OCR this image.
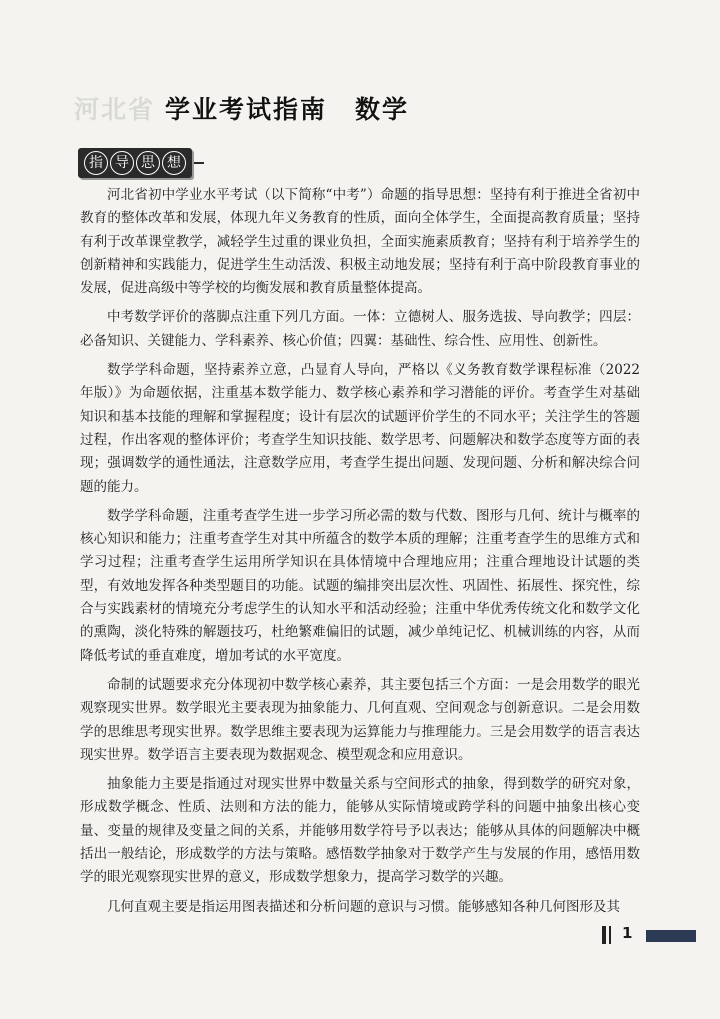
河北省 学业考试指南 数学
指 导 思 想

河北省初中学业水平考试（以下简称“中考”）命题的指导思想：坚持有利于推进全省初中教育的整体改革和发展，体现九年义务教育的性质，面向全体学生，全面提高教育质量；坚持有利于改革课堂教学，减轻学生过重的课业负担，全面实施素质教育；坚持有利于培养学生的创新精神和实践能力，促进学生生动活泼、积极主动地发展；坚持有利于高中阶段教育事业的发展，促进高级中等学校的均衡发展和教育质量整体提高。

中考数学评价的落脚点注重下列几方面。一体：立德树人、服务选拔、导向教学；四层：必备知识、关键能力、学科素养、核心价值；四翼：基础性、综合性、应用性、创新性。

数学学科命题，坚持素养立意，凸显育人导向，严格以《义务教育数学课程标准（2022 年版）》为命题依据，注重基本数学能力、数学核心素养和学习潜能的评价。考查学生对基础知识和基本技能的理解和掌握程度；设计有层次的试题评价学生的不同水平；关注学生的答题过程，作出客观的整体评价；考查学生知识技能、数学思考、问题解决和数学态度等方面的表现；强调数学的通性通法，注意数学应用，考查学生提出问题、发现问题、分析和解决综合问题的能力。

数学学科命题，注重考查学生进一步学习所必需的数与代数、图形与几何、统计与概率的核心知识和能力；注重考查学生对其中所蕴含的数学本质的理解；注重考查学生的思维方式和学习过程；注重考查学生运用所学知识在具体情境中合理地应用；注重合理地设计试题的类型，有效地发挥各种类型题目的功能。试题的编排突出层次性、巩固性、拓展性、探究性，综合与实践素材的情境充分考虑学生的认知水平和活动经验；注重中华优秀传统文化和数学文化的熏陶，淡化特殊的解题技巧，杜绝繁难偏旧的试题，减少单纯记忆、机械训练的内容，从而降低考试的垂直难度，增加考试的水平宽度。

命制的试题要求充分体现初中数学核心素养，其主要包括三个方面：一是会用数学的眼光观察现实世界。数学眼光主要表现为抽象能力、几何直观、空间观念与创新意识。二是会用数学的思维思考现实世界。数学思维主要表现为运算能力与推理能力。三是会用数学的语言表达现实世界。数学语言主要表现为数据观念、模型观念和应用意识。

抽象能力主要是指通过对现实世界中数量关系与空间形式的抽象，得到数学的研究对象，形成数学概念、性质、法则和方法的能力，能够从实际情境或跨学科的问题中抽象出核心变量、变量的规律及变量之间的关系，并能够用数学符号予以表达；能够从具体的问题解决中概括出一般结论，形成数学的方法与策略。感悟数学抽象对于数学产生与发展的作用，感悟用数学的眼光观察现实世界的意义，形成数学想象力，提高学习数学的兴趣。

几何直观主要是指运用图表描述和分析问题的意识与习惯。能够感知各种几何图形及其

1
